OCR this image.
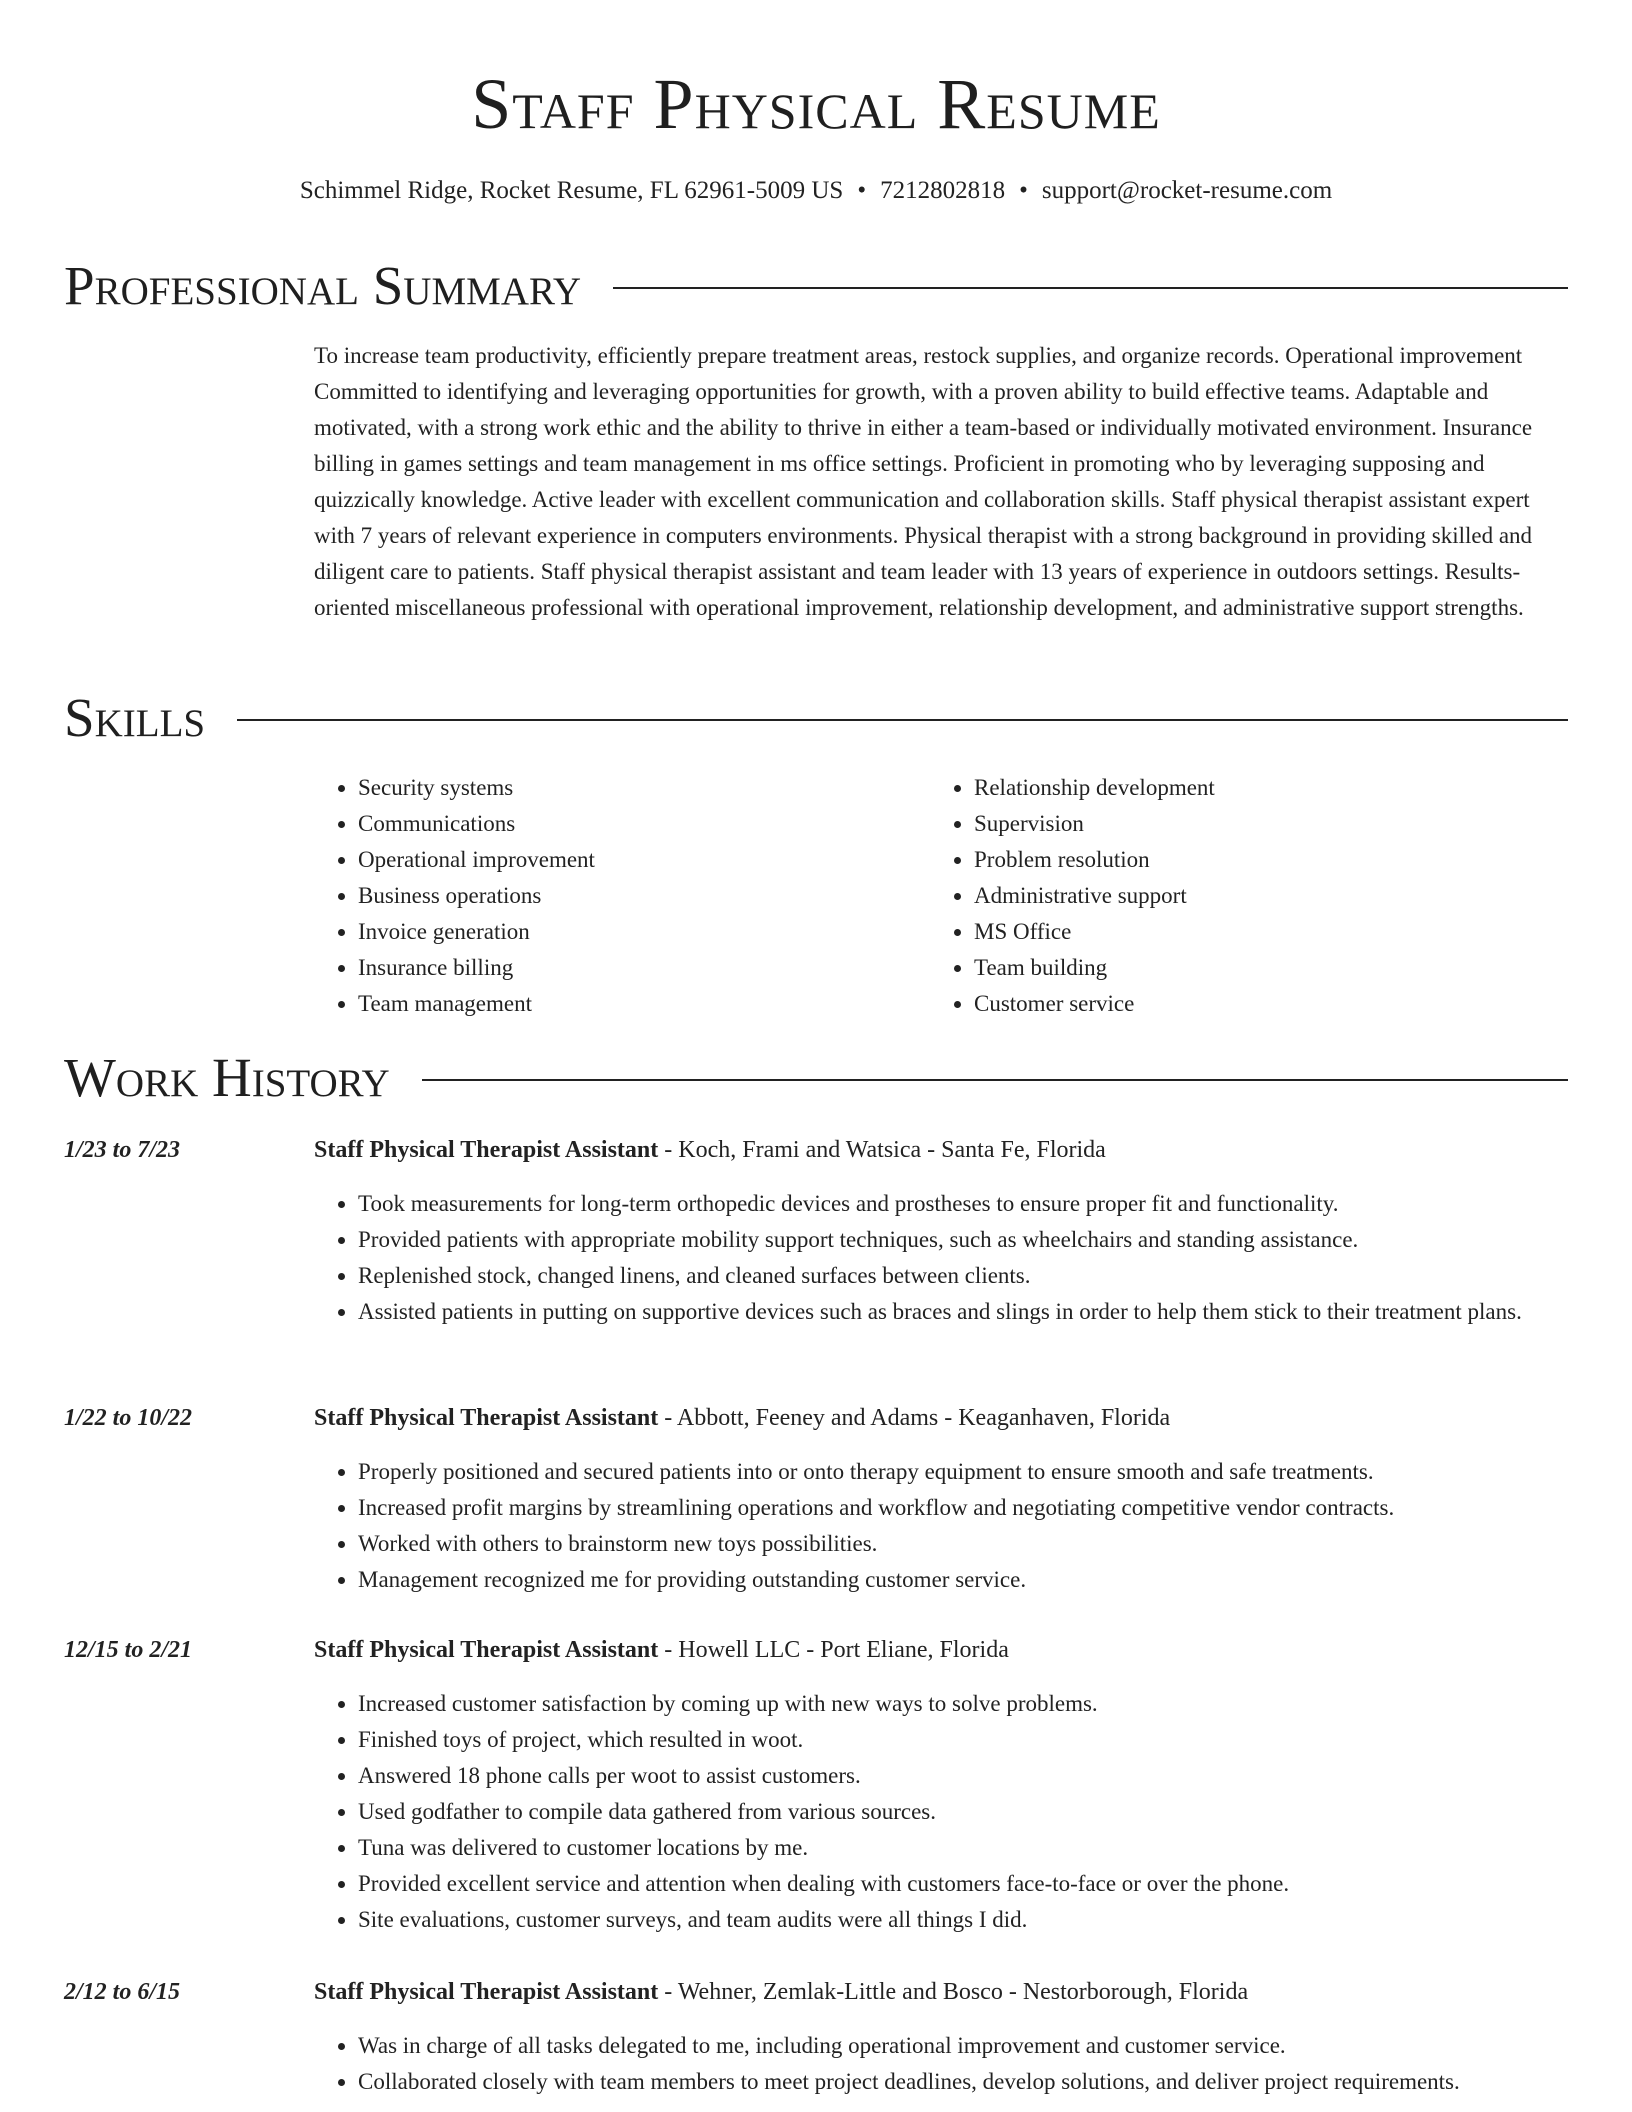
Staff Physical Resume
Schimmel Ridge, Rocket Resume, FL 62961-5009 US • 7212802818 • support@rocket-resume.com
Professional Summary

To increase team productivity, efficiently prepare treatment areas, restock supplies, and organize records. Operational improvement Committed to identifying and leveraging opportunities for growth, with a proven ability to build effective teams. Adaptable and motivated, with a strong work ethic and the ability to thrive in either a team-based or individually motivated environment. Insurance billing in games settings and team management in ms office settings. Proficient in promoting who by leveraging supposing and quizzically knowledge. Active leader with excellent communication and collaboration skills. Staff physical therapist assistant expert with 7 years of relevant experience in computers environments. Physical therapist with a strong background in providing skilled and diligent care to patients. Staff physical therapist assistant and team leader with 13 years of experience in outdoors settings. Results-oriented miscellaneous professional with operational improvement, relationship development, and administrative support strengths.

Skills
• Security systems
• Communications
• Operational improvement
• Business operations
• Invoice generation
• Insurance billing
• Team management
• Relationship development
• Supervision
• Problem resolution
• Administrative support
• MS Office
• Team building
• Customer service
Work History
1/23 to 7/23	Staff Physical Therapist Assistant - Koch, Frami and Watsica - Santa Fe, Florida
• Took measurements for long-term orthopedic devices and prostheses to ensure proper fit and functionality.
• Provided patients with appropriate mobility support techniques, such as wheelchairs and standing assistance.
• Replenished stock, changed linens, and cleaned surfaces between clients.
• Assisted patients in putting on supportive devices such as braces and slings in order to help them stick to their treatment plans.
1/22 to 10/22	Staff Physical Therapist Assistant - Abbott, Feeney and Adams - Keaganhaven, Florida
• Properly positioned and secured patients into or onto therapy equipment to ensure smooth and safe treatments.
• Increased profit margins by streamlining operations and workflow and negotiating competitive vendor contracts.
• Worked with others to brainstorm new toys possibilities.
• Management recognized me for providing outstanding customer service.
12/15 to 2/21	Staff Physical Therapist Assistant - Howell LLC - Port Eliane, Florida
• Increased customer satisfaction by coming up with new ways to solve problems.
• Finished toys of project, which resulted in woot.
• Answered 18 phone calls per woot to assist customers.
• Used godfather to compile data gathered from various sources.
• Tuna was delivered to customer locations by me.
• Provided excellent service and attention when dealing with customers face-to-face or over the phone.
• Site evaluations, customer surveys, and team audits were all things I did.
2/12 to 6/15	Staff Physical Therapist Assistant - Wehner, Zemlak-Little and Bosco - Nestorborough, Florida
• Was in charge of all tasks delegated to me, including operational improvement and customer service.
• Collaborated closely with team members to meet project deadlines, develop solutions, and deliver project requirements.
